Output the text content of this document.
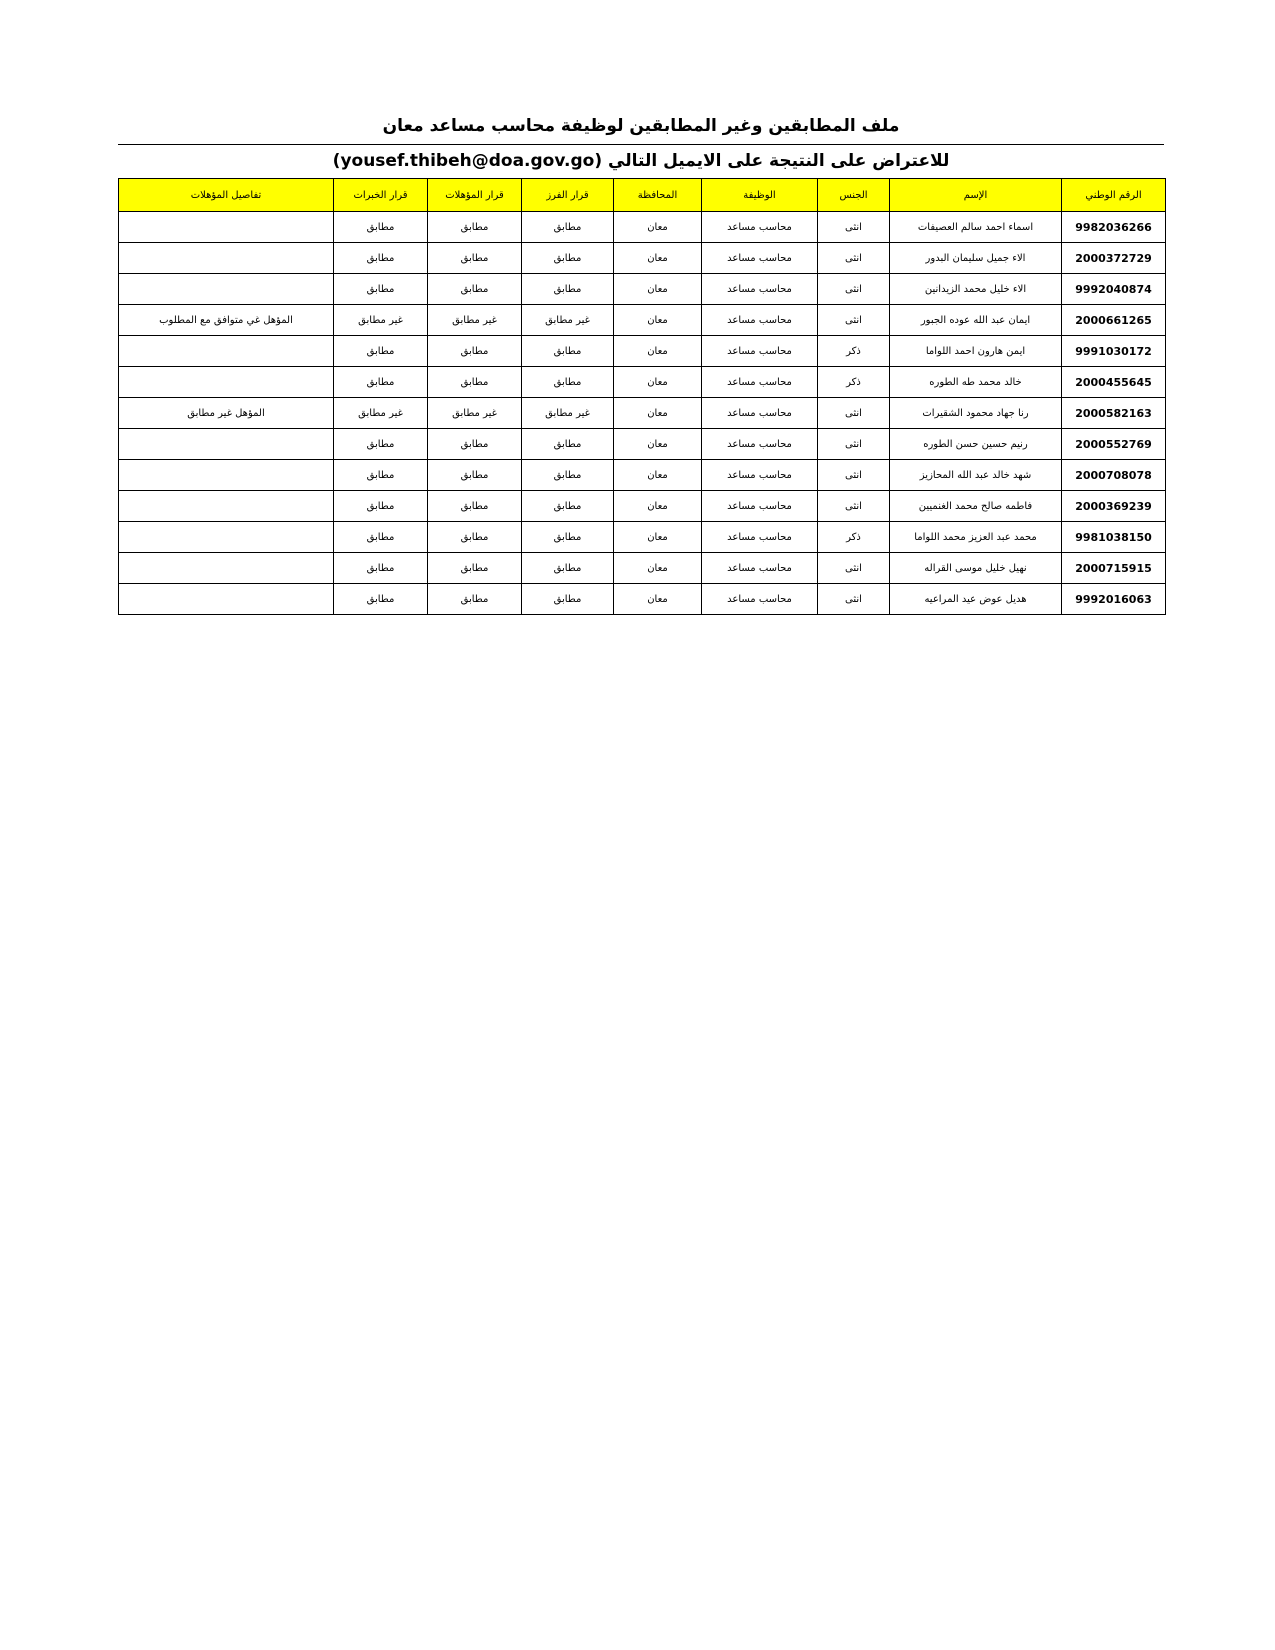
ملف المطابقين وغير المطابقين لوظيفة محاسب مساعد معان
للاعتراض على النتيجة على الايميل التالي (yousef.thibeh@doa.gov.go)
الرقم الوطني	الإسم	الجنس	الوظيفة	المحافظة	قرار الفرز	قرار المؤهلات	قرار الخبرات	تفاصيل المؤهلات
9982036266	اسماء احمد سالم العصيفات	انثى	محاسب مساعد	معان	مطابق	مطابق	مطابق	
2000372729	الاء جميل سليمان البدور	انثى	محاسب مساعد	معان	مطابق	مطابق	مطابق	
9992040874	الاء خليل محمد الزيدانين	انثى	محاسب مساعد	معان	مطابق	مطابق	مطابق	
2000661265	ايمان عبد الله عوده الجبور	انثى	محاسب مساعد	معان	غير مطابق	غير مطابق	غير مطابق	المؤهل غي متوافق مع المطلوب
9991030172	ايمن هارون احمد اللواما	ذكر	محاسب مساعد	معان	مطابق	مطابق	مطابق	
2000455645	خالد محمد طه الطوره	ذكر	محاسب مساعد	معان	مطابق	مطابق	مطابق	
2000582163	رنا جهاد محمود الشقيرات	انثى	محاسب مساعد	معان	غير مطابق	غير مطابق	غير مطابق	المؤهل غير مطابق
2000552769	رنيم حسين حسن الطوره	انثى	محاسب مساعد	معان	مطابق	مطابق	مطابق	
2000708078	شهد خالد عبد الله المحازيز	انثى	محاسب مساعد	معان	مطابق	مطابق	مطابق	
2000369239	فاطمه صالح محمد الغنميين	انثى	محاسب مساعد	معان	مطابق	مطابق	مطابق	
9981038150	محمد عبد العزيز محمد اللواما	ذكر	محاسب مساعد	معان	مطابق	مطابق	مطابق	
2000715915	نهيل خليل موسى القراله	انثى	محاسب مساعد	معان	مطابق	مطابق	مطابق	
9992016063	هديل عوض عيد المراعيه	انثى	محاسب مساعد	معان	مطابق	مطابق	مطابق	
